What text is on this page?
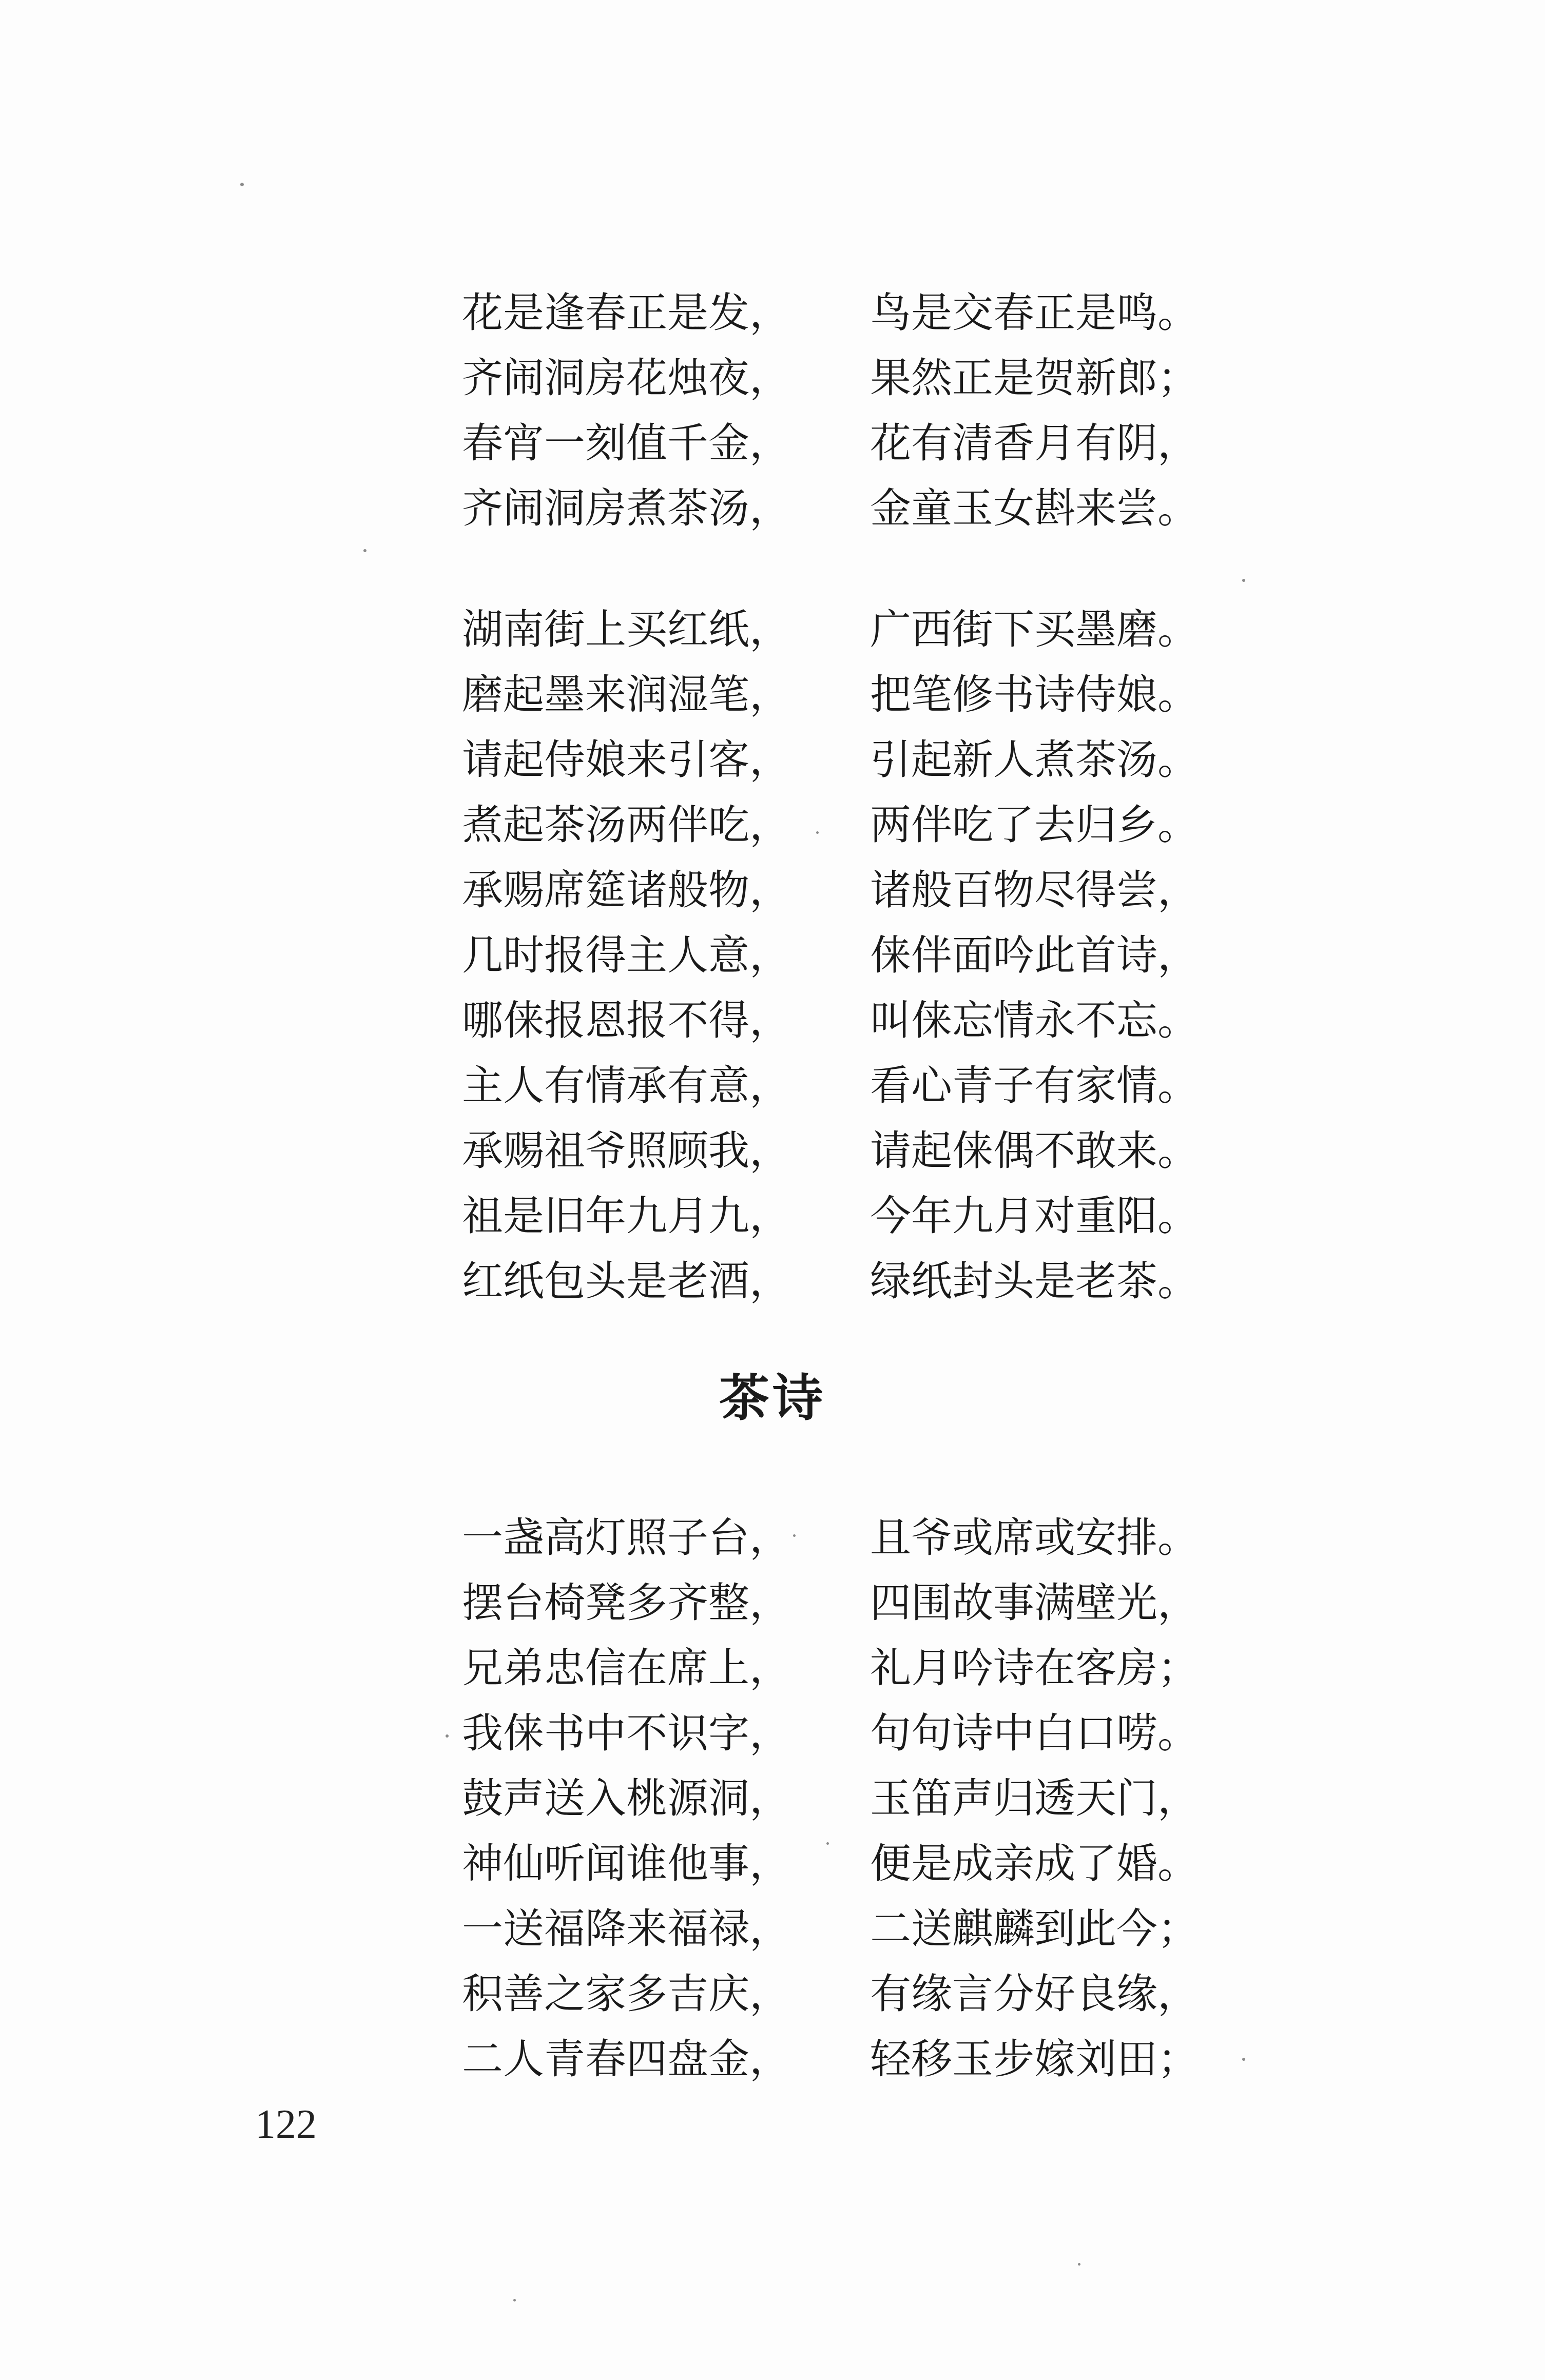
花是逢春正是发， 鸟是交春正是鸣。
齐闹洞房花烛夜， 果然正是贺新郎；
春宵一刻值千金， 花有清香月有阴，
齐闹洞房煮茶汤， 金童玉女斟来尝。
湖南街上买红纸， 广西街下买墨磨。
磨起墨来润湿笔， 把笔修书诗侍娘。
请起侍娘来引客， 引起新人煮茶汤。
煮起茶汤两伴吃， 两伴吃了去归乡。
承赐席筵诸般物， 诸般百物尽得尝，
几时报得主人意， 俫伴面吟此首诗，
哪俫报恩报不得， 叫俫忘情永不忘。
主人有情承有意， 看心青子有家情。
承赐祖爷照顾我， 请起俫偶不敢来。
祖是旧年九月九， 今年九月对重阳。
红纸包头是老酒， 绿纸封头是老茶。
茶诗
一盏高灯照子台， 且爷或席或安排。
摆台椅凳多齐整， 四围故事满壁光，
兄弟忠信在席上， 礼月吟诗在客房；
我俫书中不识字， 句句诗中白口唠。
鼓声送入桃源洞， 玉笛声归透天门，
神仙听闻谁他事， 便是成亲成了婚。
一送福降来福禄， 二送麒麟到此今；
积善之家多吉庆， 有缘言分好良缘，
二人青春四盘金， 轻移玉步嫁刘田；
122
